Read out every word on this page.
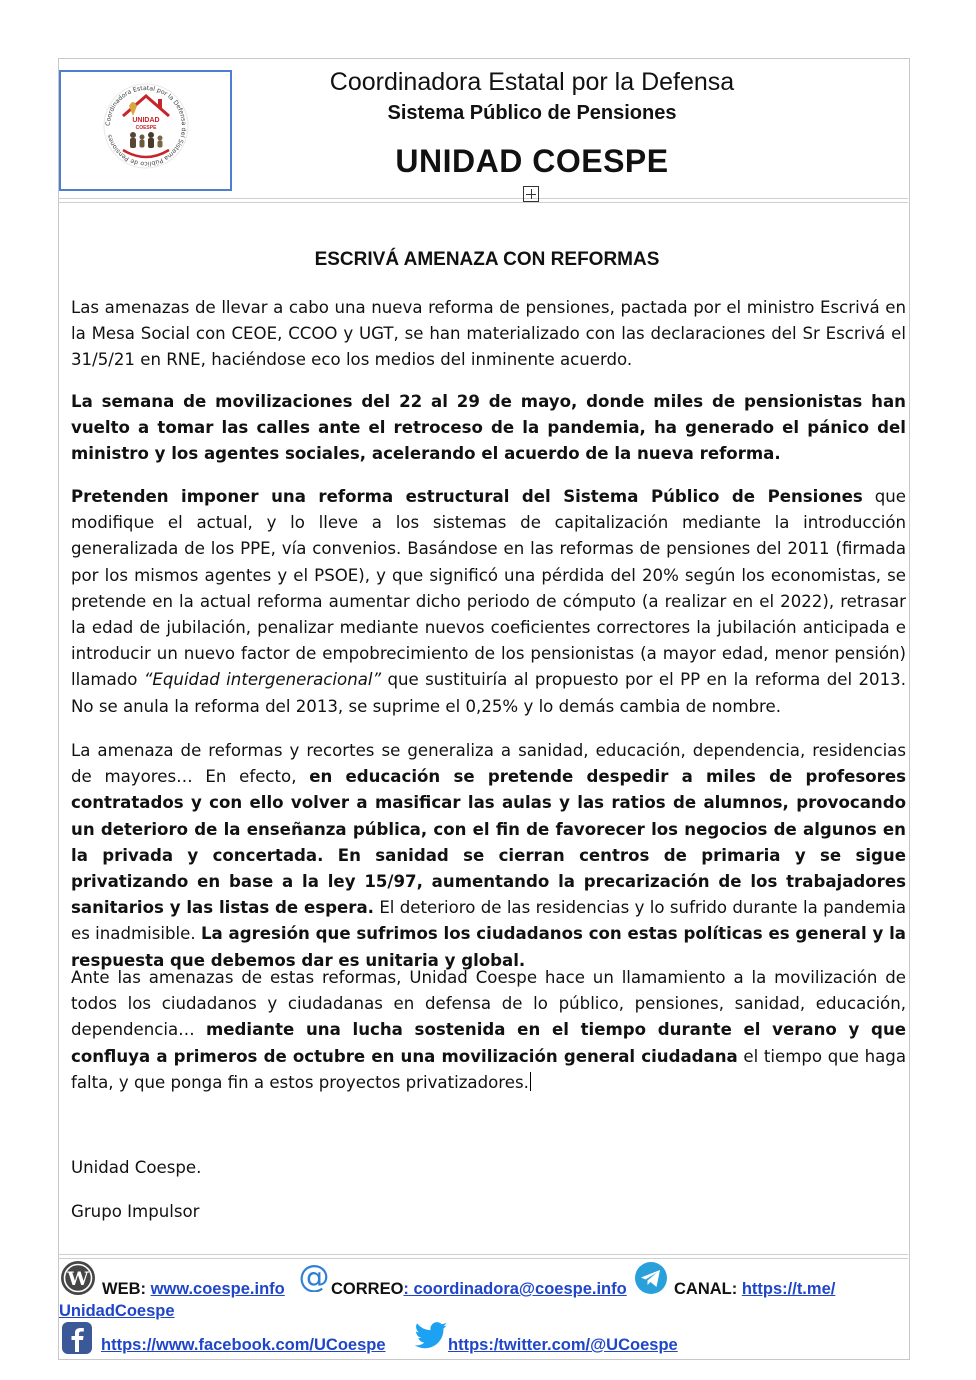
Coordinadora Estatal por la Defensa del Sistema Público de Pensiones
UNIDAD
COESPE
Coordinadora Estatal por la Defensa
Sistema Público de Pensiones
UNIDAD COESPE
ESCRIVÁ AMENAZA CON REFORMAS

Las amenazas de llevar a cabo una nueva reforma de pensiones, pactada por el ministro Escrivá en la Mesa Social con CEOE, CCOO y UGT, se han materializado con las declaraciones del Sr Escrivá el 31/5/21 en RNE, haciéndose eco los medios del inminente acuerdo.

La semana de movilizaciones del 22 al 29 de mayo, donde miles de pensionistas han vuelto a tomar las calles ante el retroceso de la pandemia, ha generado el pánico del ministro y los agentes sociales, acelerando el acuerdo de la nueva reforma.

Pretenden imponer una reforma estructural del Sistema Público de Pensiones que modifique el actual, y lo lleve a los sistemas de capitalización mediante la introducción generalizada de los PPE, vía convenios. Basándose en las reformas de pensiones del 2011 (firmada por los mismos agentes y el PSOE), y que significó una pérdida del 20% según los economistas, se pretende en la actual reforma aumentar dicho periodo de cómputo (a realizar en el 2022), retrasar la edad de jubilación, penalizar mediante nuevos coeficientes correctores la jubilación anticipada e introducir un nuevo factor de empobrecimiento de los pensionistas (a mayor edad, menor pensión) llamado “Equidad intergeneracional” que sustituiría al propuesto por el PP en la reforma del 2013. No se anula la reforma del 2013, se suprime el 0,25% y lo demás cambia de nombre.

La amenaza de reformas y recortes se generaliza a sanidad, educación, dependencia, residencias de mayores… En efecto, en educación se pretende despedir a miles de profesores contratados y con ello volver a masificar las aulas y las ratios de alumnos, provocando un deterioro de la enseñanza pública, con el fin de favorecer los negocios de algunos en la privada y concertada. En sanidad se cierran centros de primaria y se sigue privatizando en base a la ley 15/97, aumentando la precarización de los trabajadores sanitarios y las listas de espera. El deterioro de las residencias y lo sufrido durante la pandemia es inadmisible. La agresión que sufrimos los ciudadanos con estas políticas es general y la respuesta que debemos dar es unitaria y global.

Ante las amenazas de estas reformas, Unidad Coespe hace un llamamiento a la movilización de todos los ciudadanos y ciudadanas en defensa de lo público, pensiones, sanidad, educación, dependencia… mediante una lucha sostenida en el tiempo durante el verano y que confluya a primeros de octubre en una movilización general ciudadana el tiempo que haga falta, y que ponga fin a estos proyectos privatizadores.

Unidad Coespe.
Grupo Impulsor
W	@
WEB: www.coespe.info	CORREO: coordinadora@coespe.info	CANAL: https://t.me/
UnidadCoespe
https://www.facebook.com/UCoespe	https:/twitter.com/@UCoespe
